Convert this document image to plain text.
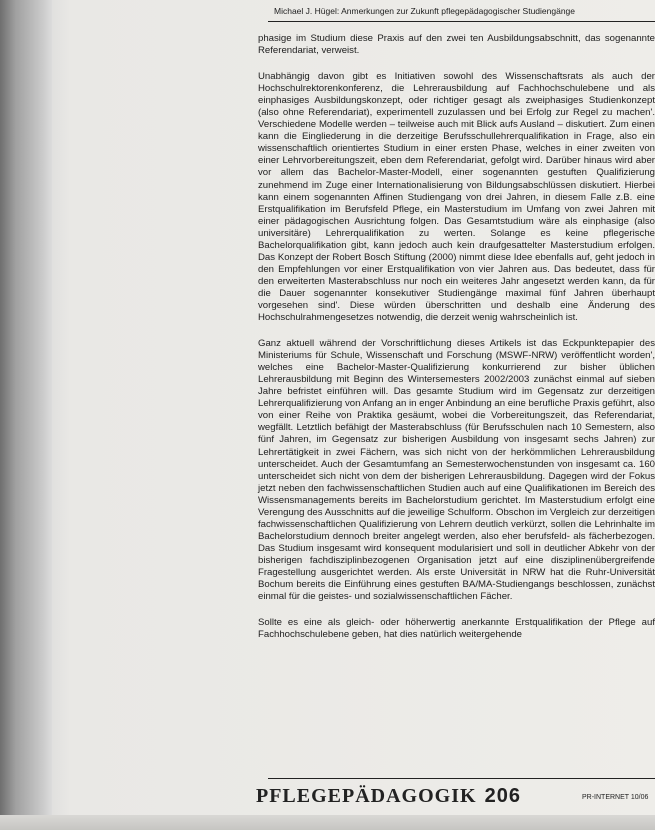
Michael J. Hügel: Anmerkungen zur Zukunft pflegepädagogischer Studiengänge

phasige im Studium diese Praxis auf den zwei ten Ausbildungsabschnitt, das sogenannte Referendariat, verweist.

Unabhängig davon gibt es Initiativen sowohl des Wissenschaftsrats als auch der Hochschulrektorenkonferenz, die Lehrerausbildung auf Fachhochschulebene und als einphasiges Ausbildungskonzept, oder richtiger gesagt als zweiphasiges Studienkonzept (also ohne Referendariat), experimentell zuzulassen und bei Erfolg zur Regel zu machen'. Verschiedene Modelle werden – teilweise auch mit Blick aufs Ausland – diskutiert. Zum einen kann die Eingliederung in die derzeitige Berufsschullehrerqualifikation in Frage, also ein wissenschaftlich orientiertes Studium in einer ersten Phase, welches in einer zweiten von einer Lehrvorbereitungszeit, eben dem Referendariat, gefolgt wird. Darüber hinaus wird aber vor allem das Bachelor-Master-Modell, einer sogenannten gestuften Qualifizierung zunehmend im Zuge einer Internationalisierung von Bildungsabschlüssen diskutiert. Hierbei kann einem sogenannten Affinen Studiengang von drei Jahren, in diesem Falle z.B. eine Erstqualifikation im Berufsfeld Pflege, ein Masterstudium im Umfang von zwei Jahren mit einer pädagogischen Ausrichtung folgen. Das Gesamtstudium wäre als einphasige (also universitäre) Lehrerqualifikation zu werten. Solange es keine pflegerische Bachelorqualifikation gibt, kann jedoch auch kein draufgesattelter Masterstudium erfolgen. Das Konzept der Robert Bosch Stiftung (2000) nimmt diese Idee ebenfalls auf, geht jedoch in den Empfehlungen vor einer Erstqualifikation von vier Jahren aus. Das bedeutet, dass für den erweiterten Masterabschluss nur noch ein weiteres Jahr angesetzt werden kann, da für die Dauer sogenannter konsekutiver Studiengänge maximal fünf Jahren überhaupt vorgesehen sind'. Diese würden überschritten und deshalb eine Änderung des Hochschulrahmengesetzes notwendig, die derzeit wenig wahrscheinlich ist.

Ganz aktuell während der Vorschriftlichung dieses Artikels ist das Eckpunktepapier des Ministeriums für Schule, Wissenschaft und Forschung (MSWF-NRW) veröffentlicht worden', welches eine Bachelor-Master-Qualifizierung konkurrierend zur bisher üblichen Lehrerausbildung mit Beginn des Wintersemesters 2002/2003 zunächst einmal auf sieben Jahre befristet einführen will. Das gesamte Studium wird im Gegensatz zur derzeitigen Lehrerqualifizierung von Anfang an in enger Anbindung an eine berufliche Praxis geführt, also von einer Reihe von Praktika gesäumt, wobei die Vorbereitungszeit, das Referendariat, wegfällt. Letztlich befähigt der Masterabschluss (für Berufsschulen nach 10 Semestern, also fünf Jahren, im Gegensatz zur bisherigen Ausbildung von insgesamt sechs Jahren) zur Lehrertätigkeit in zwei Fächern, was sich nicht von der herkömmlichen Lehrerausbildung unterscheidet. Auch der Gesamtumfang an Semesterwochenstunden von insgesamt ca. 160 unterscheidet sich nicht von dem der bisherigen Lehrerausbildung. Dagegen wird der Fokus jetzt neben den fachwissenschaftlichen Studien auch auf eine Qualifikationen im Bereich des Wissensmanagements bereits im Bachelorstudium gerichtet. Im Masterstudium erfolgt eine Verengung des Ausschnitts auf die jeweilige Schulform. Obschon im Vergleich zur derzeitigen fachwissenschaftlichen Qualifizierung von Lehrern deutlich verkürzt, sollen die Lehrinhalte im Bachelorstudium dennoch breiter angelegt werden, also eher berufsfeld- als fächerbezogen. Das Studium insgesamt wird konsequent modularisiert und soll in deutlicher Abkehr von der bisherigen fachdisziplinbezogenen Organisation jetzt auf eine disziplinenübergreifende Fragestellung ausgerichtet werden. Als erste Universität in NRW hat die Ruhr-Universität Bochum bereits die Einführung eines gestuften BA/MA-Studiengangs beschlossen, zunächst einmal für die geistes- und sozialwissenschaftlichen Fächer.

Sollte es eine als gleich- oder höherwertig anerkannte Erstqualifikation der Pflege auf Fachhochschulebene geben, hat dies natürlich weitergehende

PFLEGEPÄDAGOGIK 206	PR-INTERNET 10/06
